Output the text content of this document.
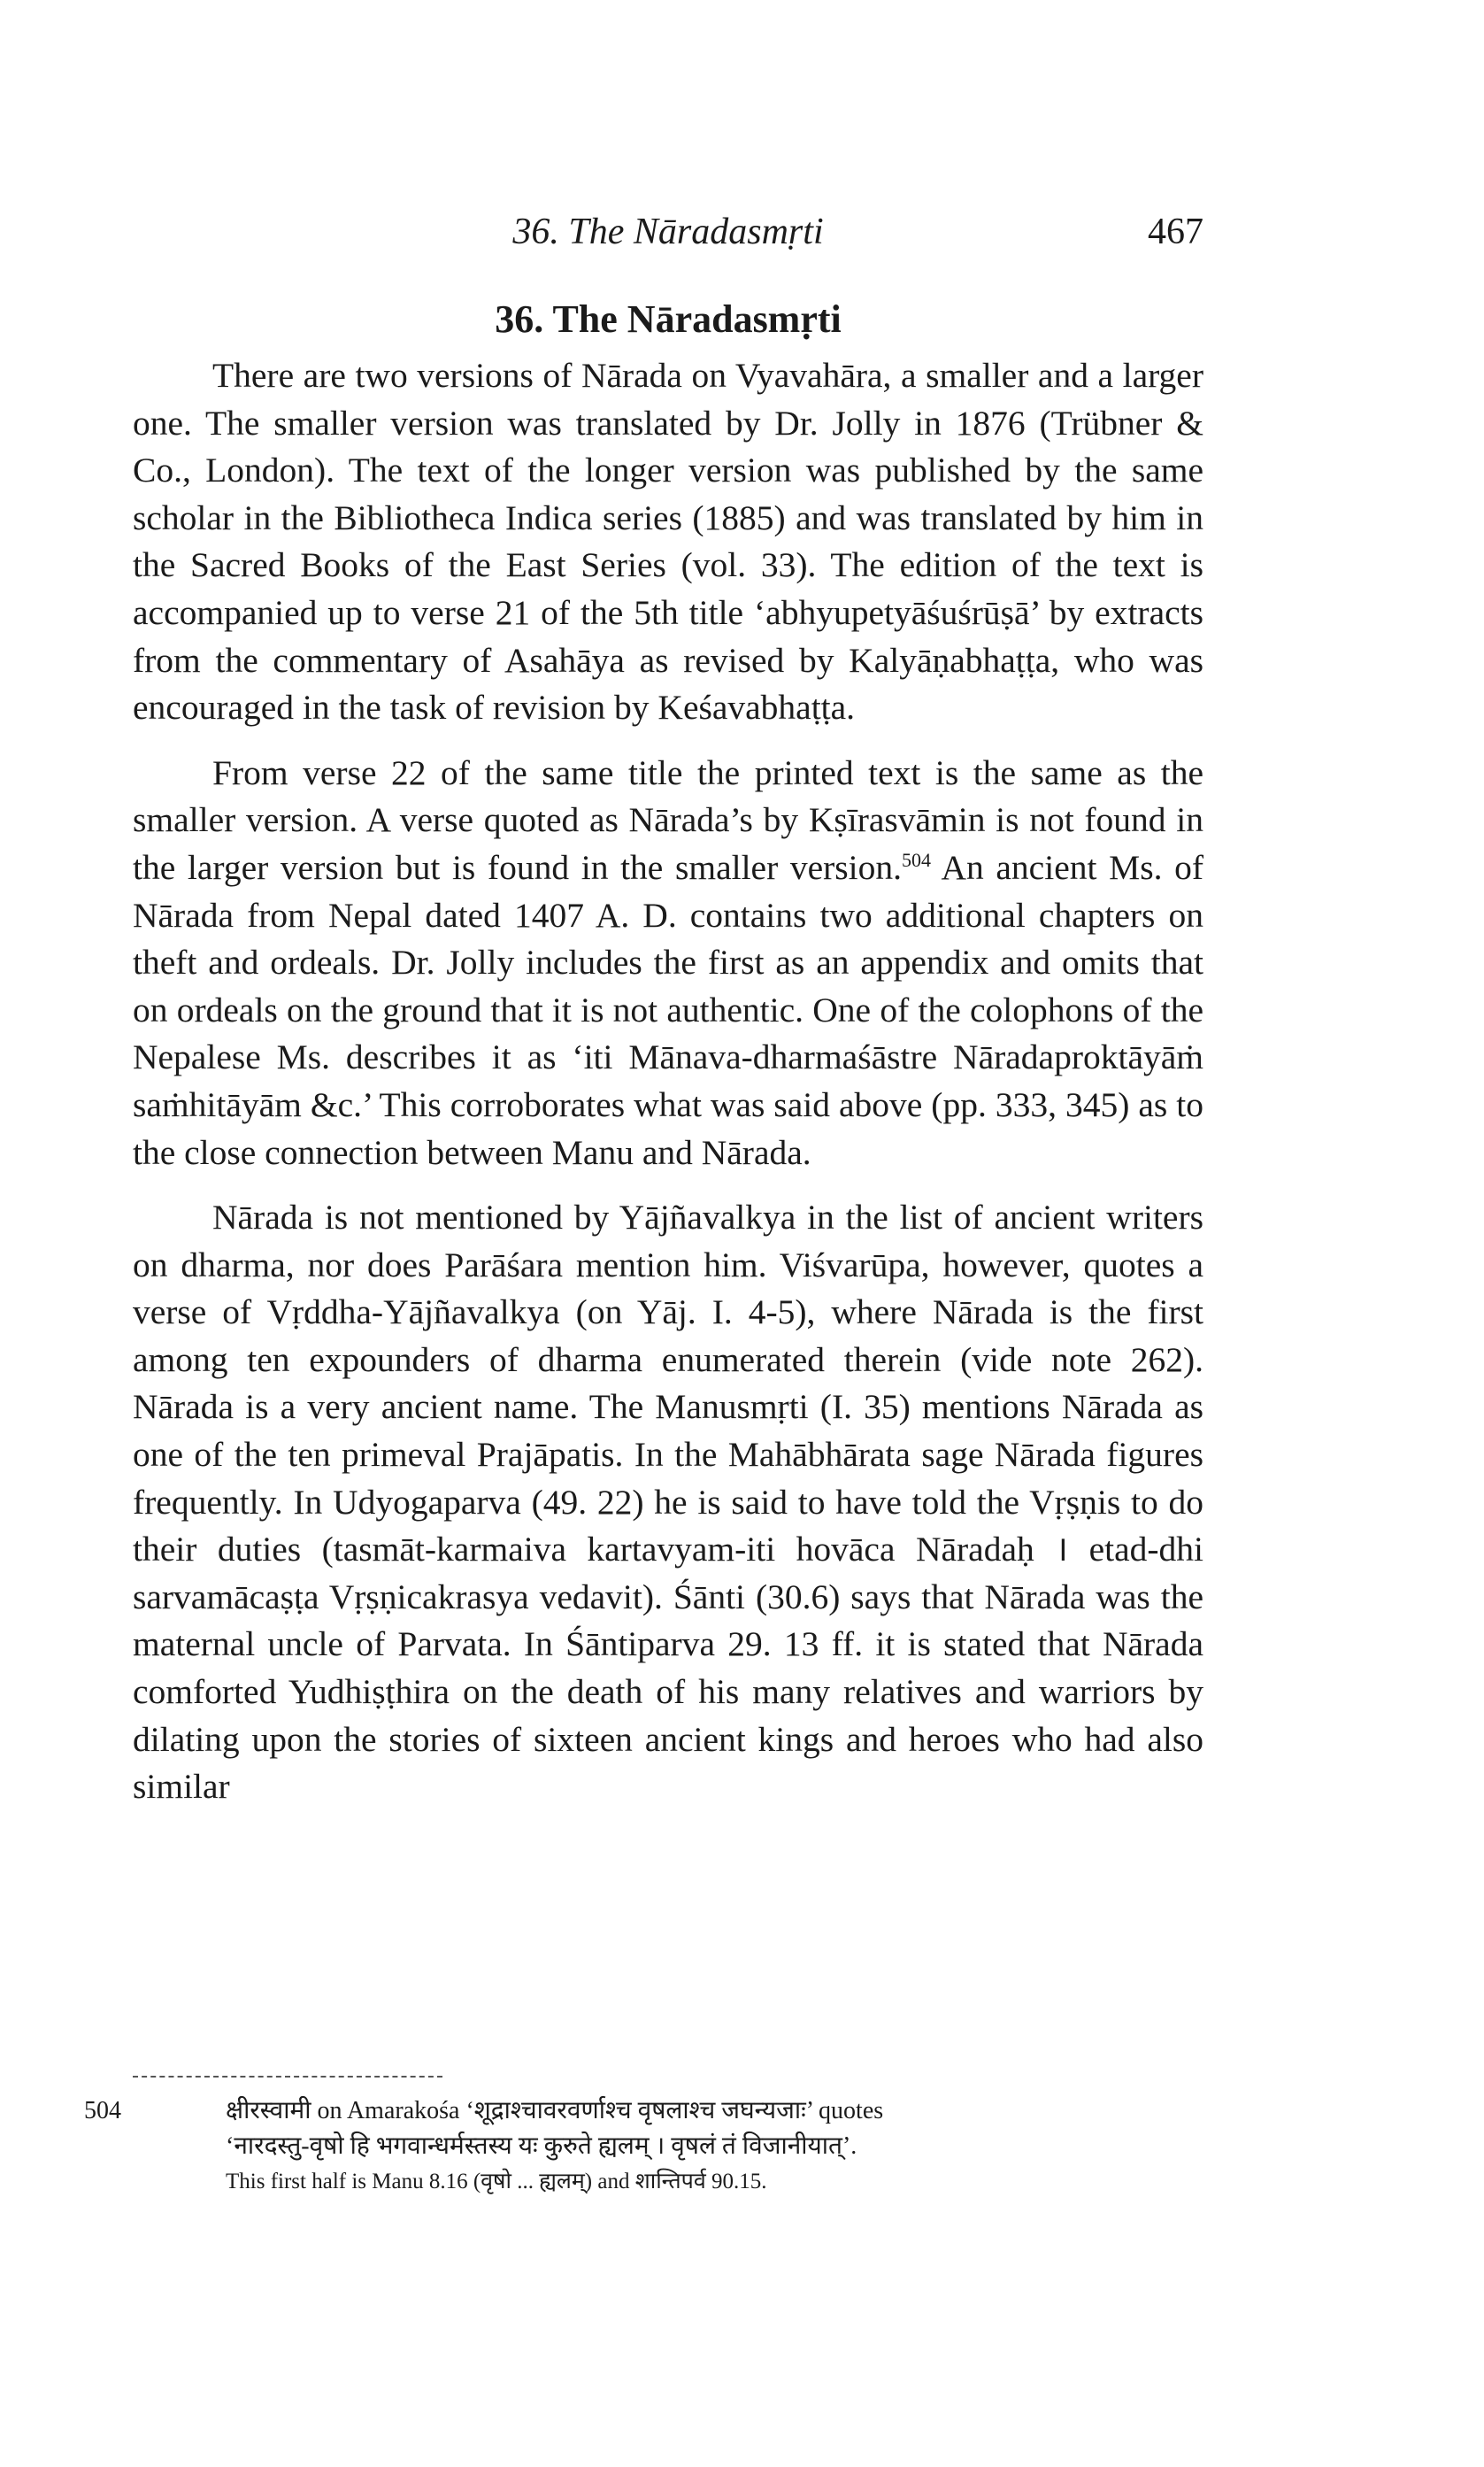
36. The Nāradasmṛti	467
36. The Nāradasmṛti

There are two versions of Nārada on Vyavahāra, a smaller and a larger one. The smaller version was translated by Dr. Jolly in 1876 (Trübner & Co., London). The text of the longer version was published by the same scholar in the Bibliotheca Indica series (1885) and was translated by him in the Sacred Books of the East Series (vol. 33). The edition of the text is accompanied up to verse 21 of the 5th title ‘abhyupetyāśuśrūṣā’ by extracts from the commentary of Asahāya as revised by Kalyāṇabhaṭṭa, who was encouraged in the task of revision by Keśavabhaṭṭa.

From verse 22 of the same title the printed text is the same as the smaller version. A verse quoted as Nārada’s by Kṣīrasvāmin is not found in the larger version but is found in the smaller version.$^{504}$ An ancient Ms. of Nārada from Nepal dated 1407 A. D. contains two additional chapters on theft and ordeals. Dr. Jolly includes the first as an appendix and omits that on ordeals on the ground that it is not authentic. One of the colophons of the Nepalese Ms. describes it as ‘iti Mānava-dharmaśāstre Nāradaproktāyāṁ saṁhitāyām &c.’ This corroborates what was said above (pp. 333, 345) as to the close connection between Manu and Nārada.

Nārada is not mentioned by Yājñavalkya in the list of ancient writers on dharma, nor does Parāśara mention him. Viśvarūpa, however, quotes a verse of Vṛddha-Yājñavalkya (on Yāj. I. 4-5), where Nārada is the first among ten expounders of dharma enumerated therein (vide note 262). Nārada is a very ancient name. The Manusmṛti (I. 35) mentions Nārada as one of the ten primeval Prajāpatis. In the Mahābhārata sage Nārada figures frequently. In Udyogaparva (49. 22) he is said to have told the Vṛṣṇis to do their duties (tasmāt-karmaiva kartavyam-iti hovāca Nāradaḥ । etad-dhi sarvamācaṣṭa Vṛṣṇicakrasya vedavit). Śānti (30.6) says that Nārada was the maternal uncle of Parvata. In Śāntiparva 29. 13 ff. it is stated that Nārada comforted Yudhiṣṭhira on the death of his many relatives and warriors by dilating upon the stories of sixteen ancient kings and heroes who had also similar

504	क्षीरस्वामी on Amarakośa ‘शूद्राश्चावरवर्णाश्च वृषलाश्च जघन्यजाः’ quotes
‘नारदस्तु-वृषो हि भगवान्धर्मस्तस्य यः कुरुते ह्यलम् । वृषलं तं विजानीयात्’.
This first half is Manu 8.16 (वृषो ... ह्यलम्) and शान्तिपर्व 90.15.
